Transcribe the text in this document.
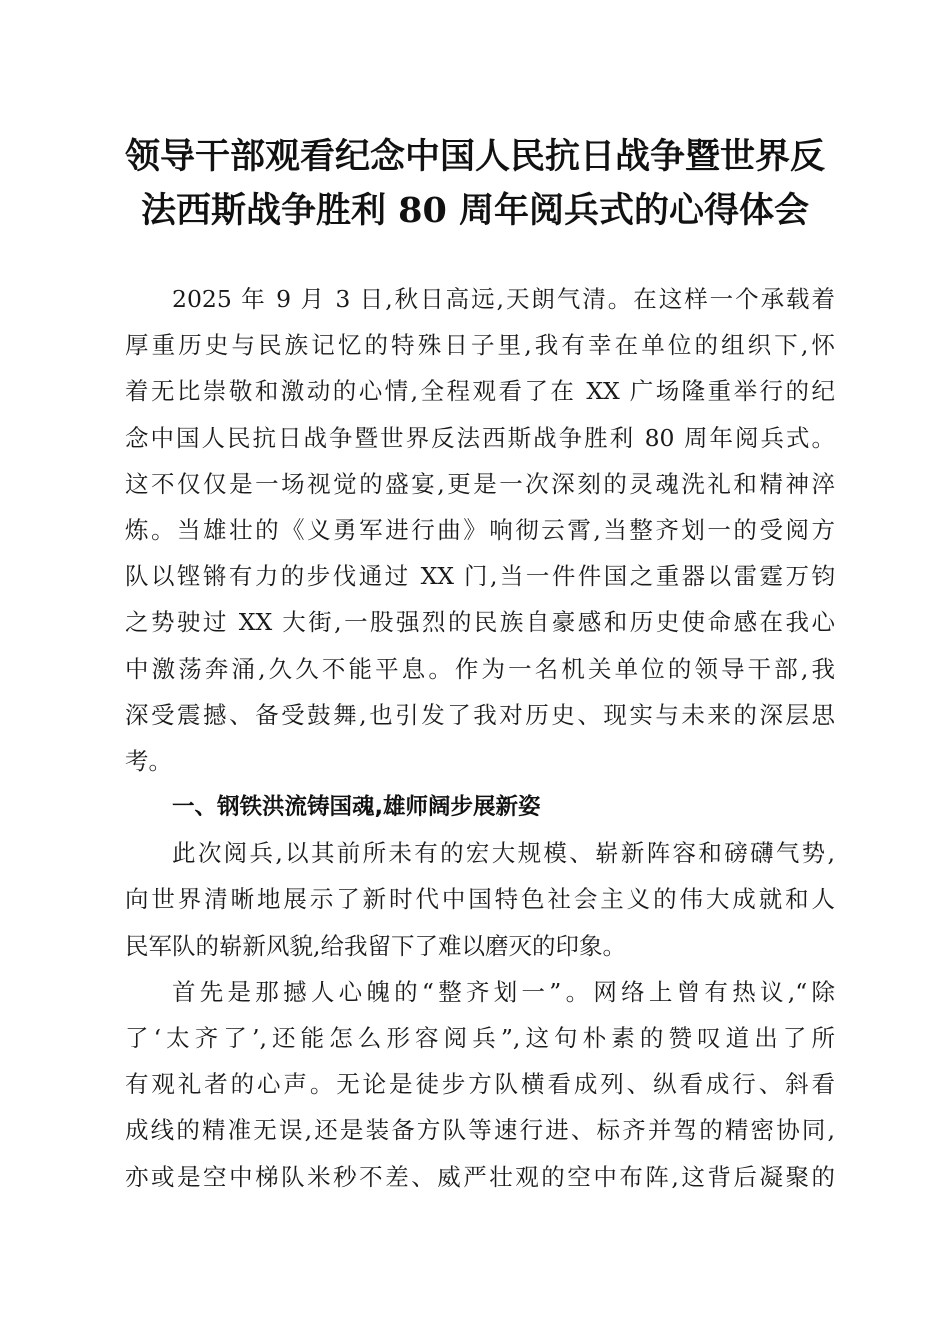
领导干部观看纪念中国人民抗日战争暨世界反
法西斯战争胜利 80 周年阅兵式的心得体会
2025 年 9 月 3 日,秋日高远,天朗气清。在这样一个承载着
厚重历史与民族记忆的特殊日子里,我有幸在单位的组织下,怀
着无比崇敬和激动的心情,全程观看了在 XX 广场隆重举行的纪
念中国人民抗日战争暨世界反法西斯战争胜利 80 周年阅兵式。
这不仅仅是一场视觉的盛宴,更是一次深刻的灵魂洗礼和精神淬
炼。当雄壮的《义勇军进行曲》响彻云霄,当整齐划一的受阅方
队以铿锵有力的步伐通过 XX 门,当一件件国之重器以雷霆万钧
之势驶过 XX 大街,一股强烈的民族自豪感和历史使命感在我心
中激荡奔涌,久久不能平息。作为一名机关单位的领导干部,我
深受震撼、备受鼓舞,也引发了我对历史、现实与未来的深层思
考。
一、钢铁洪流铸国魂,雄师阔步展新姿
此次阅兵,以其前所未有的宏大规模、崭新阵容和磅礴气势,
向世界清晰地展示了新时代中国特色社会主义的伟大成就和人
民军队的崭新风貌,给我留下了难以磨灭的印象。
首先是那撼人心魄的“整齐划一”。网络上曾有热议,“除
了‘太齐了’,还能怎么形容阅兵”,这句朴素的赞叹道出了所
有观礼者的心声。无论是徒步方队横看成列、纵看成行、斜看
成线的精准无误,还是装备方队等速行进、标齐并驾的精密协同,
亦或是空中梯队米秒不差、威严壮观的空中布阵,这背后凝聚的
